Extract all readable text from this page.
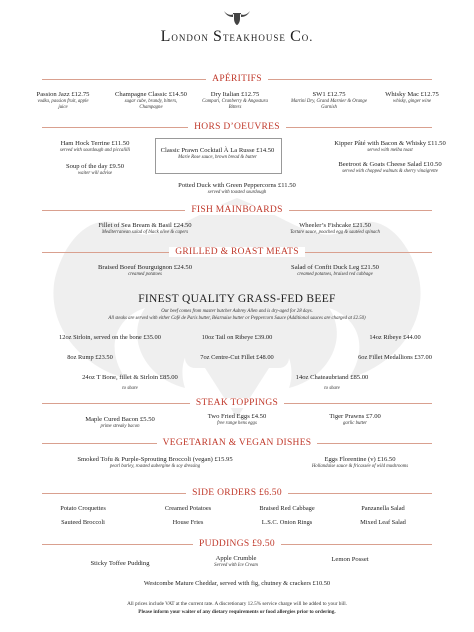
London Steakhouse Co.
APÉRITIFS
Passion Jazz £12.75
vodka, passion fruit, apple
juice
Champagne Classic £14.50
sugar cube, brandy, bitters,
Champagne
Dry Italian £12.75
Campari, Cranberry & Angostura
Bitters
SW1 £12.75
Martini Dry, Grand Marnier & Orange
Garnish
Whisky Mac £12.75
whisky, ginger wine
HORS D’OEUVRES
Ham Hock Terrine £11.50
served with sourdough and piccalilli
Soup of the day £9.50
waiter will advise
Classic Prawn Cocktail À La Russe £14.50
Marie Rose sauce, brown bread & butter
Kipper Pâté with Bacon & Whisky £11.50
served with melba toast
Beetroot & Goats Cheese Salad £10.50
served with chopped walnuts & sherry vinaigrette
Potted Duck with Green Peppercorns £11.50
served with toasted sourdough
FISH MAINBOARDS
Fillet of Sea Bream & Basil £24.50
Mediterranean salad of black olive & capers
Wheeler’s Fishcake £21.50
Tartare sauce, poached egg & sautéed spinach
GRILLED & ROAST MEATS
Braised Boeuf Bourguignon £24.50
creamed potatoes
Salad of Confit Duck Leg £21.50
creamed potatoes, braised red cabbage
FINEST QUALITY GRASS-FED BEEF
Our beef comes from master butcher Aubrey Allen and is dry-aged for 28 days.
All steaks are served with either Café de Paris butter, Béarnaise butter or Peppercorn Sauce (Additional sauces are charged at £2.50)
12oz Sirloin, served on the bone £35.00	10oz Tail on Ribeye £39.00	14oz Ribeye £44.00
8oz Rump £23.50	7oz Centre-Cut Fillet £48.00	6oz Fillet Medallions £37.00
24oz T Bone, fillet & Sirloin £85.00
to share
14oz Chateaubriand £85.00
to share
STEAK TOPPINGS
Maple Cured Bacon £5.50
prime streaky bacon
Two Fried Eggs £4.50
free range hens eggs
Tiger Prawns £7.00
garlic butter
VEGETARIAN & VEGAN DISHES
Smoked Tofu & Purple-Sprouting Broccoli (vegan) £15.95
pearl barley, roasted aubergine & soy dressing
Eggs Florentine (v) £16.50
Hollandaise sauce & fricassée of wild mushrooms
SIDE ORDERS £6.50
Potato Croquettes	Creamed Potatoes	Braised Red Cabbage	Panzanella Salad
Sauteed Broccoli	House Fries	L.S.C. Onion Rings	Mixed Leaf Salad
PUDDINGS £9.50
Sticky Toffee Pudding
Apple Crumble
Served with Ice Cream
Lemon Posset
Westcombe Mature Cheddar, served with fig, chutney & crackers £10.50
All prices include VAT at the current rate. A discretionary 12.5% service charge will be added to your bill.
Please inform your waiter of any dietary requirements or food allergies prior to ordering.
